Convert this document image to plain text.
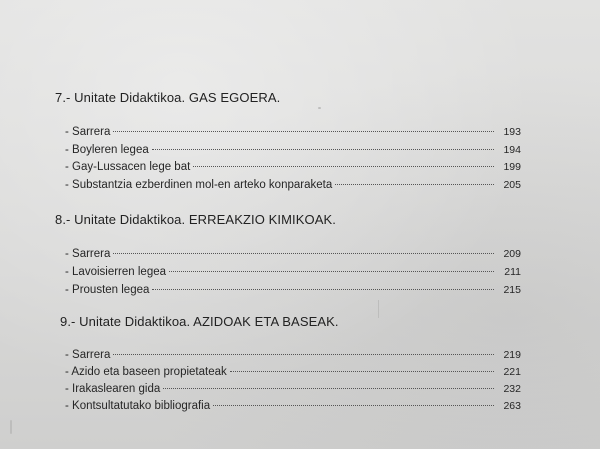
7.- Unitate Didaktikoa. GAS EGOERA.
- Sarrera	193
- Boyleren legea	194
- Gay-Lussacen lege bat	199
- Substantzia ezberdinen mol-en arteko konparaketa	205
8.- Unitate Didaktikoa. ERREAKZIO KIMIKOAK.
- Sarrera	209
- Lavoisierren legea	211
- Prousten legea	215
9.- Unitate Didaktikoa. AZIDOAK ETA BASEAK.
- Sarrera	219
- Azido eta baseen propietateak	221
- Irakaslearen gida	232
- Kontsultatutako bibliografia	263
